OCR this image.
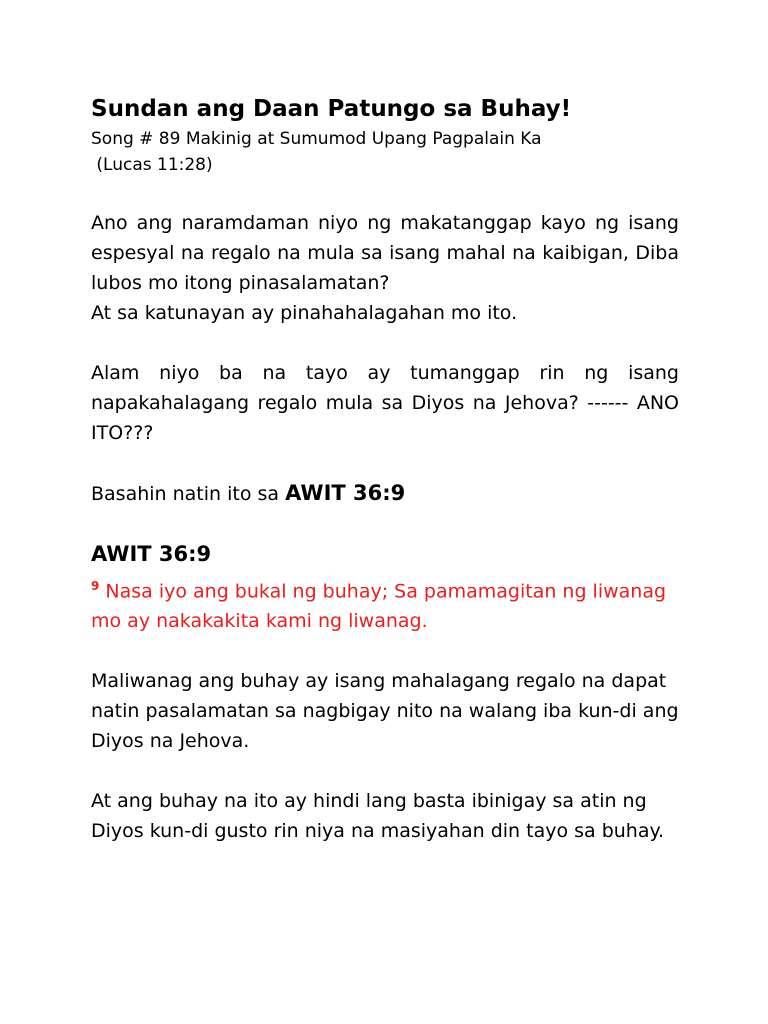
Sundan ang Daan Patungo sa Buhay!

Song # 89 Makinig at Sumumod Upang Pagpalain Ka

(Lucas 11:28)

Ano ang naramdaman niyo ng makatanggap kayo ng isang espesyal na regalo na mula sa isang mahal na kaibigan, Diba lubos mo itong pinasalamatan?

At sa katunayan ay pinahahalagahan mo ito.

Alam niyo ba na tayo ay tumanggap rin ng isang napakahalagang regalo mula sa Diyos na Jehova? ------ ANO ITO???

Basahin natin ito sa AWIT 36:9

AWIT 36:9

$^9$ Nasa iyo ang bukal ng buhay; Sa pamamagitan ng liwanag mo ay nakakakita kami ng liwanag.

Maliwanag ang buhay ay isang mahalagang regalo na dapat natin pasalamatan sa nagbigay nito na walang iba kun-di ang Diyos na Jehova.

At ang buhay na ito ay hindi lang basta ibinigay sa atin ng Diyos kun-di gusto rin niya na masiyahan din tayo sa buhay.
